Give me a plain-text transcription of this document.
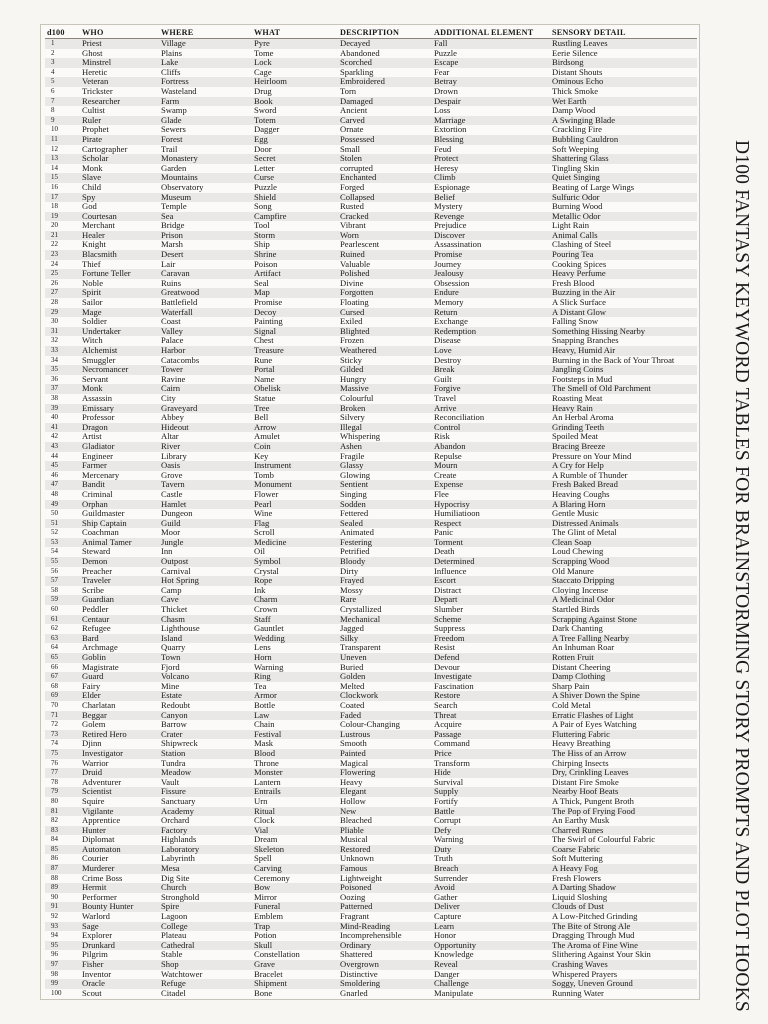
d100	WHO	WHERE	WHAT	DESCRIPTION	ADDITIONAL ELEMENT	SENSORY DETAIL
1	Priest	Village	Pyre	Decayed	Fall	Rustling Leaves
2	Ghost	Plains	Tome	Abandoned	Puzzle	Eerie Silence
3	Minstrel	Lake	Lock	Scorched	Escape	Birdsong
4	Heretic	Cliffs	Cage	Sparkling	Fear	Distant Shouts
5	Veteran	Fortress	Heirloom	Embroidered	Betray	Ominous Echo
6	Trickster	Wasteland	Drug	Torn	Drown	Thick Smoke
7	Researcher	Farm	Book	Damaged	Despair	Wet Earth
8	Cultist	Swamp	Sword	Ancient	Loss	Damp Wood
9	Ruler	Glade	Totem	Carved	Marriage	A Swinging Blade
10	Prophet	Sewers	Dagger	Ornate	Extortion	Crackling Fire
11	Pirate	Forest	Egg	Possessed	Blessing	Bubbling Cauldron
12	Cartographer	Trail	Door	Small	Feud	Soft Weeping
13	Scholar	Monastery	Secret	Stolen	Protect	Shattering Glass
14	Monk	Garden	Letter	corrupted	Heresy	Tingling Skin
15	Slave	Mountains	Curse	Enchanted	Climb	Quiet Singing
16	Child	Observatory	Puzzle	Forged	Espionage	Beating of Large Wings
17	Spy	Museum	Shield	Collapsed	Belief	Sulfuric Odor
18	God	Temple	Song	Rusted	Mystery	Burning Wood
19	Courtesan	Sea	Campfire	Cracked	Revenge	Metallic Odor
20	Merchant	Bridge	Tool	Vibrant	Prejudice	Light Rain
21	Healer	Prison	Storm	Worn	Discover	Animal Calls
22	Knight	Marsh	Ship	Pearlescent	Assassination	Clashing of Steel
23	Blacsmith	Desert	Shrine	Ruined	Promise	Pouring Tea
24	Thief	Lair	Poison	Valuable	Journey	Cooking Spices
25	Fortune Teller	Caravan	Artifact	Polished	Jealousy	Heavy Perfume
26	Noble	Ruins	Seal	Divine	Obsession	Fresh Blood
27	Spirit	Greatwood	Map	Forgotten	Endure	Buzzing in the Air
28	Sailor	Battlefield	Promise	Floating	Memory	A Slick Surface
29	Mage	Waterfall	Decoy	Cursed	Return	A Distant Glow
30	Soldier	Coast	Painting	Exiled	Exchange	Falling Snow
31	Undertaker	Valley	Signal	Blighted	Redemption	Something Hissing Nearby
32	Witch	Palace	Chest	Frozen	Disease	Snapping Branches
33	Alchemist	Harbor	Treasure	Weathered	Love	Heavy, Humid Air
34	Smuggler	Catacombs	Rune	Sticky	Destroy	Burning in the Back of Your Throat
35	Necromancer	Tower	Portal	Gilded	Break	Jangling Coins
36	Servant	Ravine	Name	Hungry	Guilt	Footsteps in Mud
37	Monk	Cairn	Obelisk	Massive	Forgive	The Smell of Old Parchment
38	Assassin	City	Statue	Colourful	Travel	Roasting Meat
39	Emissary	Graveyard	Tree	Broken	Arrive	Heavy Rain
40	Professor	Abbey	Bell	Silvery	Reconciliation	An Herbal Aroma
41	Dragon	Hideout	Arrow	Illegal	Control	Grinding Teeth
42	Artist	Altar	Amulet	Whispering	Risk	Spoiled Meat
43	Gladiator	River	Coin	Ashen	Abandon	Bracing Breeze
44	Engineer	Library	Key	Fragile	Repulse	Pressure on Your Mind
45	Farmer	Oasis	Instrument	Glassy	Mourn	A Cry for Help
46	Mercenary	Grove	Tomb	Glowing	Create	A Rumble of Thunder
47	Bandit	Tavern	Monument	Sentient	Expense	Fresh Baked Bread
48	Criminal	Castle	Flower	Singing	Flee	Heaving Coughs
49	Orphan	Hamlet	Pearl	Sodden	Hypocrisy	A Blaring Horn
50	Guildmaster	Dungeon	Wine	Fettered	Humiliatioon	Gentle Music
51	Ship Captain	Guild	Flag	Sealed	Respect	Distressed Animals
52	Coachman	Moor	Scroll	Animated	Panic	The Glint of Metal
53	Animal Tamer	Jungle	Medicine	Festering	Torment	Clean Soap
54	Steward	Inn	Oil	Petrified	Death	Loud Chewing
55	Demon	Outpost	Symbol	Bloody	Determined	Scrapping Wood
56	Preacher	Carnival	Crystal	Dirty	Influence	Old Manure
57	Traveler	Hot Spring	Rope	Frayed	Escort	Staccato Dripping
58	Scribe	Camp	Ink	Mossy	Distract	Cloying Incense
59	Guardian	Cave	Charm	Rare	Depart	A Medicinal Odor
60	Peddler	Thicket	Crown	Crystallized	Slumber	Startled Birds
61	Centaur	Chasm	Staff	Mechanical	Scheme	Scrapping Against Stone
62	Refugee	Lighthouse	Gauntlet	Jagged	Suppress	Dark Chanting
63	Bard	Island	Wedding	Silky	Freedom	A Tree Falling Nearby
64	Archmage	Quarry	Lens	Transparent	Resist	An Inhuman Roar
65	Goblin	Town	Horn	Uneven	Defend	Rotten Fruit
66	Magistrate	Fjord	Warning	Buried	Devour	Distant Cheering
67	Guard	Volcano	Ring	Golden	Investigate	Damp Clothing
68	Fairy	Mine	Tea	Melted	Fascination	Sharp Pain
69	Elder	Estate	Armor	Clockwork	Restore	A Shiver Down the Spine
70	Charlatan	Redoubt	Bottle	Coated	Search	Cold Metal
71	Beggar	Canyon	Law	Faded	Threat	Erratic Flashes of Light
72	Golem	Barrow	Chain	Colour-Changing	Acquire	A Pair of Eyes Watching
73	Retired Hero	Crater	Festival	Lustrous	Passage	Fluttering Fabric
74	Djinn	Shipwreck	Mask	Smooth	Command	Heavy Breathing
75	Investigator	Station	Blood	Painted	Price	The Hiss of an Arrow
76	Warrior	Tundra	Throne	Magical	Transform	Chirping Insects
77	Druid	Meadow	Monster	Flowering	Hide	Dry, Crinkling Leaves
78	Adventurer	Vault	Lantern	Heavy	Survival	Distant Fire Smoke
79	Scientist	Fissure	Entrails	Elegant	Supply	Nearby Hoof Beats
80	Squire	Sanctuary	Urn	Hollow	Fortify	A Thick, Pungent Broth
81	Vigilante	Academy	Ritual	New	Battle	The Pop of Frying Food
82	Apprentice	Orchard	Clock	Bleached	Corrupt	An Earthy Musk
83	Hunter	Factory	Vial	Pliable	Defy	Charred Runes
84	Diplomat	Highlands	Dream	Musical	Warning	The Swirl of Colourful Fabric
85	Automaton	Laboratory	Skeleton	Restored	Duty	Coarse Fabric
86	Courier	Labyrinth	Spell	Unknown	Truth	Soft Muttering
87	Murderer	Mesa	Carving	Famous	Breach	A Heavy Fog
88	Crime Boss	Dig Site	Ceremony	Lightweight	Surrender	Fresh Flowers
89	Hermit	Church	Bow	Poisoned	Avoid	A Darting Shadow
90	Performer	Stronghold	Mirror	Oozing	Gather	Liquid Sloshing
91	Bounty Hunter	Spire	Funeral	Patterned	Deliver	Clouds of Dust
92	Warlord	Lagoon	Emblem	Fragrant	Capture	A Low-Pitched Grinding
93	Sage	College	Trap	Mind-Reading	Learn	The Bite of Strong Ale
94	Explorer	Plateau	Potion	Incomprehensible	Honor	Dragging Through Mud
95	Drunkard	Cathedral	Skull	Ordinary	Opportunity	The Aroma of Fine Wine
96	Pilgrim	Stable	Constellation	Shattered	Knowledge	Slithering Against Your Skin
97	Fisher	Shop	Grave	Overgrown	Reveal	Crashing Waves
98	Inventor	Watchtower	Bracelet	Distinctive	Danger	Whispered Prayers
99	Oracle	Refuge	Shipment	Smoldering	Challenge	Soggy, Uneven Ground
100	Scout	Citadel	Bone	Gnarled	Manipulate	Running Water	D100 FANTASY KEYWORD TABLES FOR BRAINSTORMING STORY PROMPTS AND PLOT HOOKS
